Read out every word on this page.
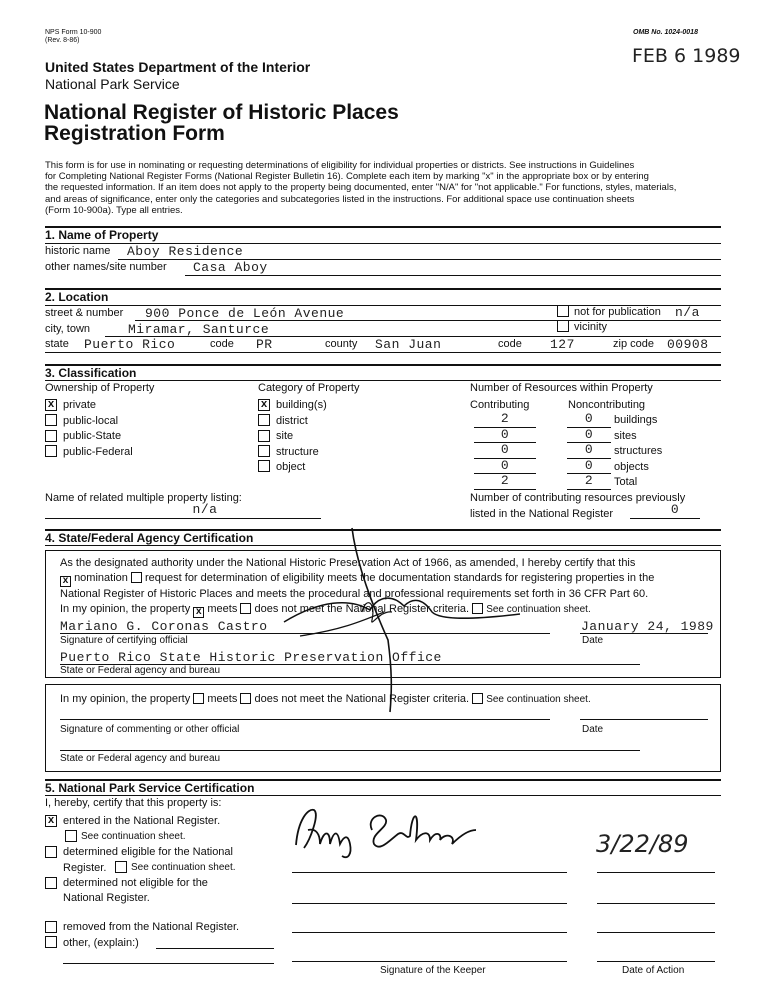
NPS Form 10-900
(Rev. 8-86)
OMB No. 1024-0018
FEB 6 1989
United States Department of the Interior
National Park Service
National Register of Historic Places
Registration Form
This form is for use in nominating or requesting determinations of eligibility for individual properties or districts. See instructions in Guidelines
for Completing National Register Forms (National Register Bulletin 16). Complete each item by marking "x" in the appropriate box or by entering
the requested information. If an item does not apply to the property being documented, enter "N/A" for "not applicable." For functions, styles, materials,
and areas of significance, enter only the categories and subcategories listed in the instructions. For additional space use continuation sheets
(Form 10-900a). Type all entries.
1. Name of Property
historic name Aboy Residence
other names/site number Casa Aboy
2. Location
street & number 900 Ponce de León Avenue	not for publication n/a
city, town	Miramar, Santurce	vicinity
state Puerto Rico	code PR	county San Juan	code 127	zip code 00908
3. Classification
Ownership of Property
x private
public-local
public-State
public-Federal
Category of Property
x building(s)
district
site
structure
object
Number of Resources within Property
Contributing	Noncontributing
2	0	buildings
0	0	sites
0	0	structures
0	0	objects
2	2	Total
Name of related multiple property listing:
n/a
Number of contributing resources previously
listed in the National Register	0
4. State/Federal Agency Certification
As the designated authority under the National Historic Preservation Act of 1966, as amended, I hereby certify that this
x nomination request for determination of eligibility meets the documentation standards for registering properties in the
National Register of Historic Places and meets the procedural and professional requirements set forth in 36 CFR Part 60.
In my opinion, the property x meets does not meet the National Register criteria. See continuation sheet.
Mariano G. Coronas Castro	January 24, 1989
Signature of certifying official	Date
Puerto Rico State Historic Preservation Office
State or Federal agency and bureau
In my opinion, the property meets does not meet the National Register criteria. See continuation sheet.
Signature of commenting or other official	Date
State or Federal agency and bureau
5. National Park Service Certification
I, hereby, certify that this property is:
x entered in the National Register.
See continuation sheet.
determined eligible for the National
Register. See continuation sheet.
determined not eligible for the
National Register.
removed from the National Register.
other, (explain:)
3/22/89
Signature of the Keeper	Date of Action
